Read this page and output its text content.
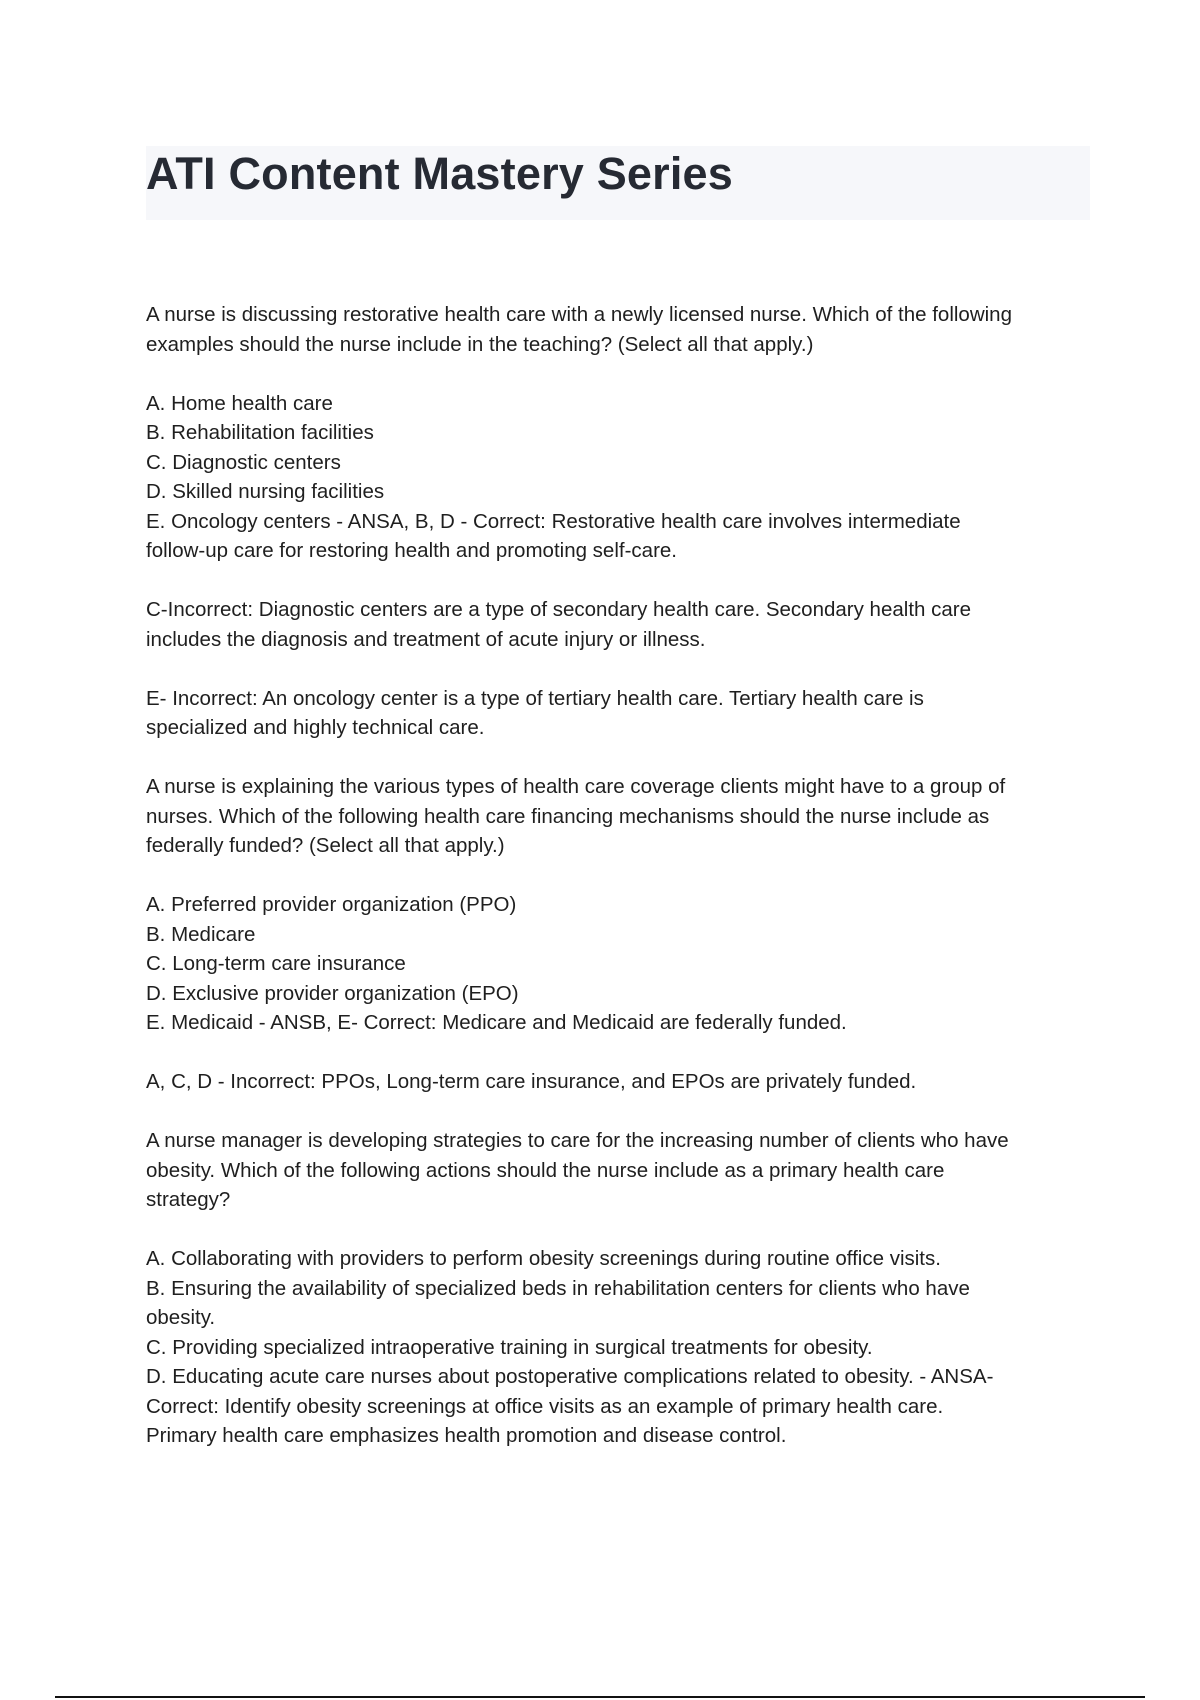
ATI Content Mastery Series
A nurse is discussing restorative health care with a newly licensed nurse. Which of the following
examples should the nurse include in the teaching? (Select all that apply.)
A. Home health care
B. Rehabilitation facilities
C. Diagnostic centers
D. Skilled nursing facilities
E. Oncology centers - ANSA, B, D - Correct: Restorative health care involves intermediate
follow-up care for restoring health and promoting self-care.
C-Incorrect: Diagnostic centers are a type of secondary health care. Secondary health care
includes the diagnosis and treatment of acute injury or illness.
E- Incorrect: An oncology center is a type of tertiary health care. Tertiary health care is
specialized and highly technical care.
A nurse is explaining the various types of health care coverage clients might have to a group of
nurses. Which of the following health care financing mechanisms should the nurse include as
federally funded? (Select all that apply.)
A. Preferred provider organization (PPO)
B. Medicare
C. Long-term care insurance
D. Exclusive provider organization (EPO)
E. Medicaid - ANSB, E- Correct: Medicare and Medicaid are federally funded.
A, C, D - Incorrect: PPOs, Long-term care insurance, and EPOs are privately funded.
A nurse manager is developing strategies to care for the increasing number of clients who have
obesity. Which of the following actions should the nurse include as a primary health care
strategy?
A. Collaborating with providers to perform obesity screenings during routine office visits.
B. Ensuring the availability of specialized beds in rehabilitation centers for clients who have
obesity.
C. Providing specialized intraoperative training in surgical treatments for obesity.
D. Educating acute care nurses about postoperative complications related to obesity. - ANSA-
Correct: Identify obesity screenings at office visits as an example of primary health care.
Primary health care emphasizes health promotion and disease control.
